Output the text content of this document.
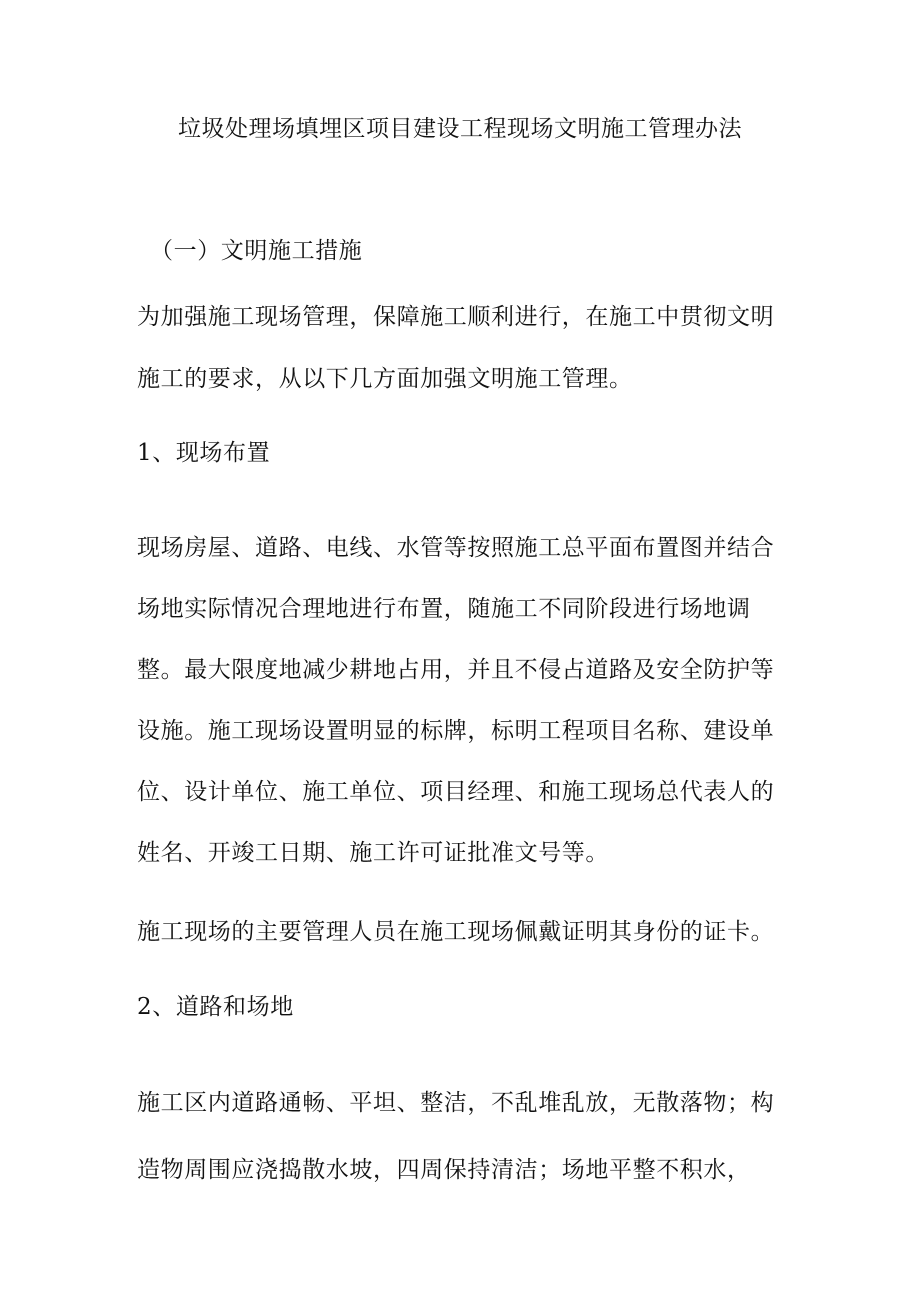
垃圾处理场填埋区项目建设工程现场文明施工管理办法
（一）文明施工措施
为加强施工现场管理，保障施工顺利进行，在施工中贯彻文明
施工的要求，从以下几方面加强文明施工管理。
1、现场布置
现场房屋、道路、电线、水管等按照施工总平面布置图并结合
场地实际情况合理地进行布置，随施工不同阶段进行场地调
整。最大限度地减少耕地占用，并且不侵占道路及安全防护等
设施。施工现场设置明显的标牌，标明工程项目名称、建设单
位、设计单位、施工单位、项目经理、和施工现场总代表人的
姓名、开竣工日期、施工许可证批准文号等。
施工现场的主要管理人员在施工现场佩戴证明其身份的证卡。
2、道路和场地
施工区内道路通畅、平坦、整洁，不乱堆乱放，无散落物；构
造物周围应浇捣散水坡，四周保持清洁；场地平整不积水，
